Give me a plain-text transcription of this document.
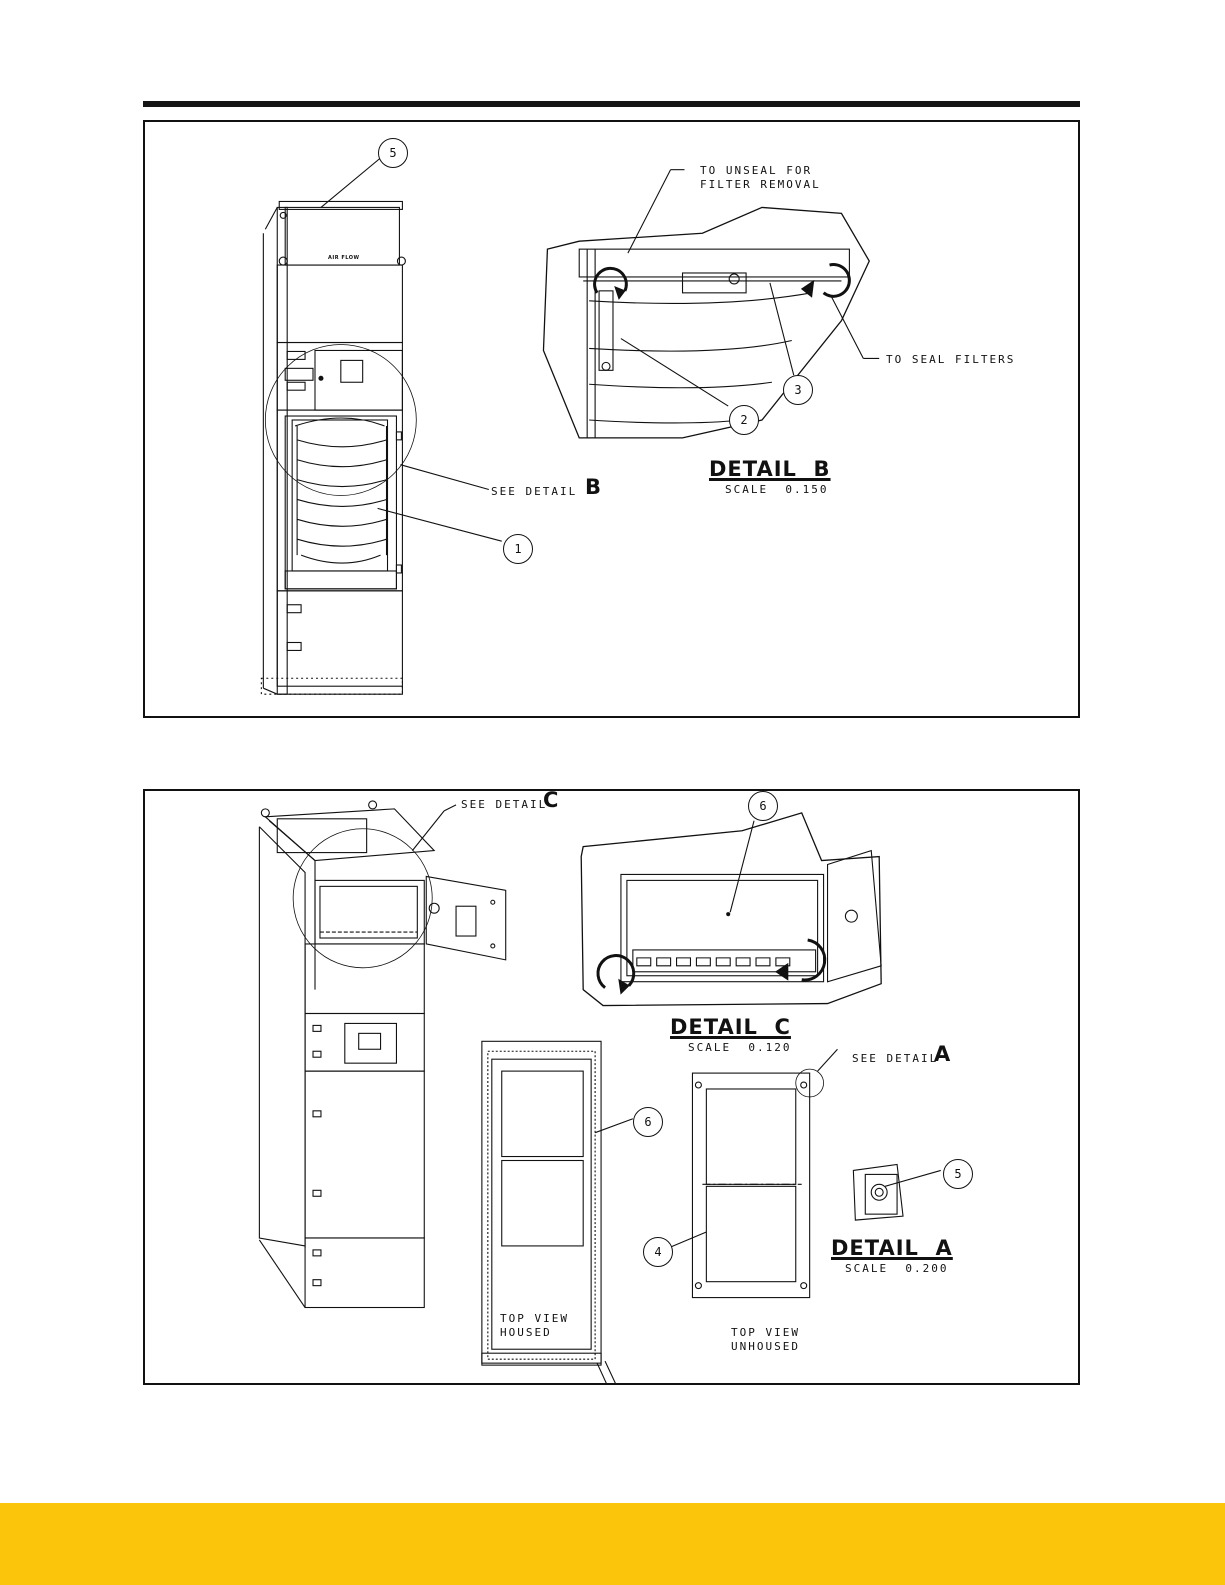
AIR FLOW
5
1
2
3
SEE DETAIL B
TO UNSEAL FOR
FILTER REMOVAL
TO SEAL FILTERS
DETAIL  B
SCALE  0.150
SEE DETAIL
C	6
DETAIL  C
SCALE  0.120
SEE DETAIL
A
6
4
5
DETAIL  A
SCALE  0.200
TOP VIEW
HOUSED	TOP VIEW
UNHOUSED
